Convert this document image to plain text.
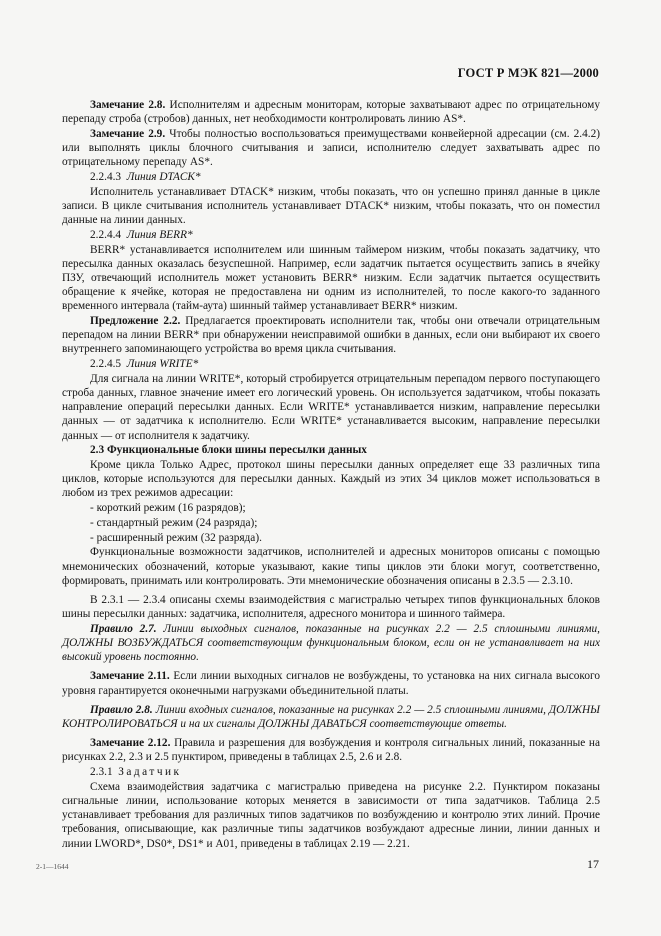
ГОСТ Р МЭК 821—2000

Замечание 2.8. Исполнителям и адресным мониторам, которые захватывают адрес по отрицательному перепаду строба (стробов) данных, нет необходимости контролировать линию AS*.

Замечание 2.9. Чтобы полностью воспользоваться преимуществами конвейерной адресации (см. 2.4.2) или выполнять циклы блочного считывания и записи, исполнителю следует захватывать адрес по отрицательному перепаду AS*.

2.2.4.3 Линия DTACK*

Исполнитель устанавливает DTACK* низким, чтобы показать, что он успешно принял данные в цикле записи. В цикле считывания исполнитель устанавливает DTACK* низким, чтобы показать, что он поместил данные на линии данных.

2.2.4.4 Линия BERR*

BERR* устанавливается исполнителем или шинным таймером низким, чтобы показать задатчику, что пересылка данных оказалась безуспешной. Например, если задатчик пытается осуществить запись в ячейку ПЗУ, отвечающий исполнитель может установить BERR* низким. Если задатчик пытается осуществить обращение к ячейке, которая не предоставлена ни одним из исполнителей, то после какого-то заданного временного интервала (тайм-аута) шинный таймер устанавливает BERR* низким.

Предложение 2.2. Предлагается проектировать исполнители так, чтобы они отвечали отрицательным перепадом на линии BERR* при обнаружении неисправимой ошибки в данных, если они выбирают их своего внутреннего запоминающего устройства во время цикла считывания.

2.2.4.5 Линия WRITE*

Для сигнала на линии WRITE*, который стробируется отрицательным перепадом первого поступающего строба данных, главное значение имеет его логический уровень. Он используется задатчиком, чтобы показать направление операций пересылки данных. Если WRITE* устанавливается низким, направление пересылки данных — от задатчика к исполнителю. Если WRITE* устанавливается высоким, направление пересылки данных — от исполнителя к задатчику.

2.3 Функциональные блоки шины пересылки данных

Кроме цикла Только Адрес, протокол шины пересылки данных определяет еще 33 различных типа циклов, которые используются для пересылки данных. Каждый из этих 34 циклов может использоваться в любом из трех режимов адресации:

- короткий режим (16 разрядов);

- стандартный режим (24 разряда);

- расширенный режим (32 разряда).

Функциональные возможности задатчиков, исполнителей и адресных мониторов описаны с помощью мнемонических обозначений, которые указывают, какие типы циклов эти блоки могут, соответственно, формировать, принимать или контролировать. Эти мнемонические обозначения описаны в 2.3.5 — 2.3.10.

В 2.3.1 — 2.3.4 описаны схемы взаимодействия с магистралью четырех типов функциональных блоков шины пересылки данных: задатчика, исполнителя, адресного монитора и шинного таймера.

Правило 2.7. Линии выходных сигналов, показанные на рисунках 2.2 — 2.5 сплошными линиями, ДОЛЖНЫ ВОЗБУЖДАТЬСЯ соответствующим функциональным блоком, если он не устанавливает на них высокий уровень постоянно.

Замечание 2.11. Если линии выходных сигналов не возбуждены, то установка на них сигнала высокого уровня гарантируется оконечными нагрузками объединительной платы.

Правило 2.8. Линии входных сигналов, показанные на рисунках 2.2 — 2.5 сплошными линиями, ДОЛЖНЫ КОНТРОЛИРОВАТЬСЯ и на их сигналы ДОЛЖНЫ ДАВАТЬСЯ соответствующие ответы.

Замечание 2.12. Правила и разрешения для возбуждения и контроля сигнальных линий, показанные на рисунках 2.2, 2.3 и 2.5 пунктиром, приведены в таблицах 2.5, 2.6 и 2.8.

2.3.1 Задатчик

Схема взаимодействия задатчика с магистралью приведена на рисунке 2.2. Пунктиром показаны сигнальные линии, использование которых меняется в зависимости от типа задатчиков. Таблица 2.5 устанавливает требования для различных типов задатчиков по возбуждению и контролю этих линий. Прочие требования, описывающие, как различные типы задатчиков возбуждают адресные линии, линии данных и линии LWORD*, DS0*, DS1* и A01, приведены в таблицах 2.19 — 2.21.

2-1—1644	17
